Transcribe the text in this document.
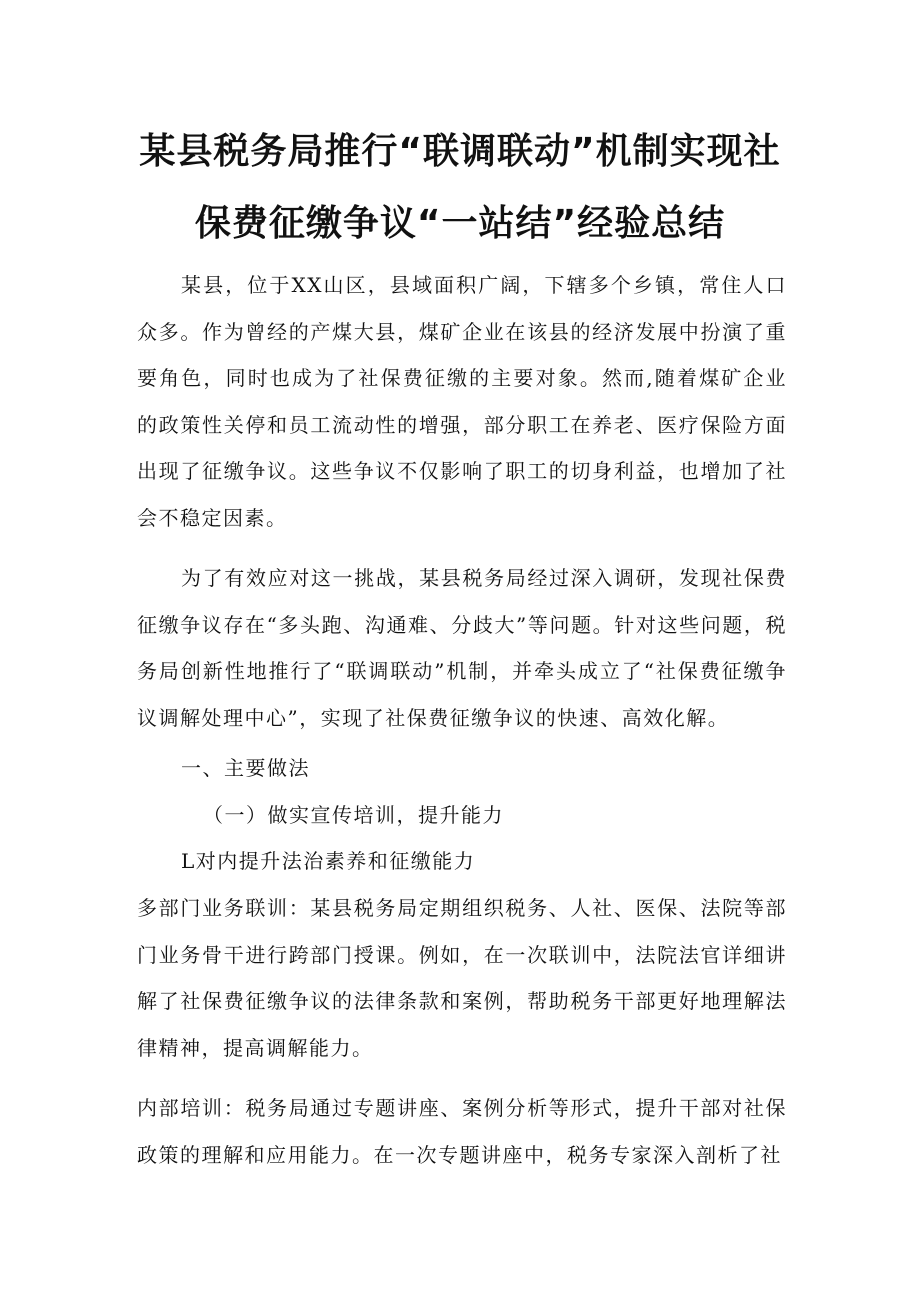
某县税务局推行“联调联动”机制实现社
保费征缴争议“一站结”经验总结

某县，位于XX山区，县域面积广阔，下辖多个乡镇，常住人口众多。作为曾经的产煤大县，煤矿企业在该县的经济发展中扮演了重要角色，同时也成为了社保费征缴的主要对象。然而,随着煤矿企业的政策性关停和员工流动性的增强，部分职工在养老、医疗保险方面出现了征缴争议。这些争议不仅影响了职工的切身利益，也增加了社会不稳定因素。

为了有效应对这一挑战，某县税务局经过深入调研，发现社保费征缴争议存在“多头跑、沟通难、分歧大”等问题。针对这些问题，税务局创新性地推行了“联调联动”机制，并牵头成立了“社保费征缴争议调解处理中心”，实现了社保费征缴争议的快速、高效化解。

一、主要做法

（一）做实宣传培训，提升能力

L对内提升法治素养和征缴能力

多部门业务联训：某县税务局定期组织税务、人社、医保、法院等部门业务骨干进行跨部门授课。例如，在一次联训中，法院法官详细讲解了社保费征缴争议的法律条款和案例，帮助税务干部更好地理解法律精神，提高调解能力。

内部培训：税务局通过专题讲座、案例分析等形式，提升干部对社保政策的理解和应用能力。在一次专题讲座中，税务专家深入剖析了社
